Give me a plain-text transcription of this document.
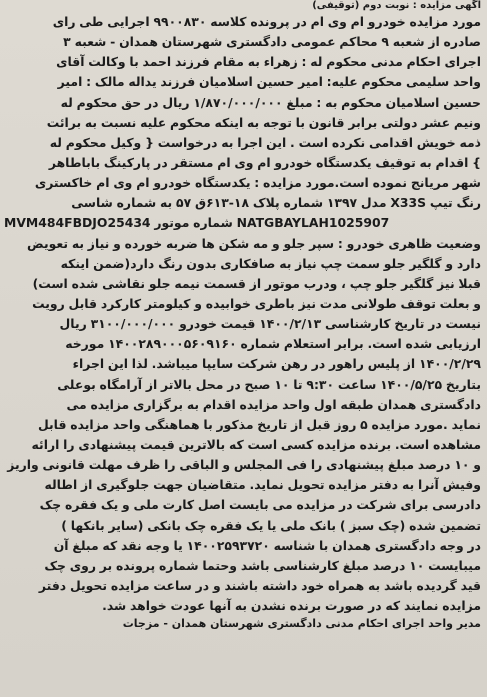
آگهی مزایده : نوبت دوم (توقیفی)
مورد مزایده خودرو ام وی ام در پرونده کلاسه ۹۹۰۰۸۳۰ اجرایی طی رای
صادره از شعبه ۹ محاکم عمومی دادگستری شهرستان همدان - شعبه ۳
اجرای احکام مدنی محکوم له : زهراء به مقام فرزند احمد با وکالت آقای
واحد سلیمی محکوم علیه: امیر حسین اسلامیان فرزند یداله مالک : امیر
حسین اسلامیان محکوم به : مبلغ ۱/۸۷۰/۰۰۰/۰۰۰ ریال در حق محکوم له
ونیم عشر دولتی برابر قانون با توجه به اینکه محکوم علیه نسبت به برائت
ذمه خویش اقدامی نکرده است . این اجرا به درخواست { وکیل محکوم له
} اقدام به توقیف یکدستگاه خودرو ام وی ام مستقر در پارکینگ باباطاهر
شهر مریانج نموده است.مورد مزایده : یکدستگاه خودرو ام وی ام خاکستری
رنگ تیپ X33S مدل ۱۳۹۷ شماره پلاک ۱۸-۶۱۳ق ۵۷ به شماره شاسی
MVM484FBDJO25434 شماره موتور NATGBAYLAH1025907
وضعیت ظاهری خودرو : سپر جلو و مه شکن ها ضربه خورده و نیاز به تعویض
دارد و گلگیر جلو سمت چپ نیاز به صافکاری بدون رنگ دارد(ضمن اینکه
قبلا نیز گلگیر جلو چپ ، ودرب موتور از قسمت نیمه جلو نقاشی شده است)
و بعلت توقف طولانی مدت نیز باطری خوابیده و کیلومتر کارکرد قابل رویت
نیست در تاریخ کارشناسی ۱۴۰۰/۲/۱۳ قیمت خودرو ۳۱۰۰/۰۰۰/۰۰۰ ریال
ارزیابی شده است. برابر استعلام شماره ۱۴۰۰۲۸۹۰۰۰۵۶۰۹۱۶۰ مورخه
۱۴۰۰/۲/۲۹ از پلیس راهور در رهن شرکت سایپا میباشد. لذا این اجراء
بتاریخ ۱۴۰۰/۵/۲۵ ساعت ۹:۳۰ تا ۱۰ صبح در محل بالاتر از آرامگاه بوعلی
دادگستری همدان طبقه اول واحد مزایده اقدام به برگزاری مزایده می
نماید .مورد مزایده ۵ روز قبل از تاریخ مذکور با هماهنگی واحد مزایده قابل
مشاهده است. برنده مزایده کسی است که بالاترین قیمت پیشنهادی را ارائه
و ۱۰ درصد مبلغ پیشنهادی را فی المجلس و الباقی را ظرف مهلت قانونی واریز
وفیش آنرا به دفتر مزایده تحویل نماید. متقاضیان جهت جلوگیری از اطاله
دادرسی برای شرکت در مزایده می بایست اصل کارت ملی و یک فقره چک
تضمین شده (چک سبز ) بانک ملی یا یک فقره چک بانکی (سایر بانکها )
در وجه دادگستری همدان با شناسه ۱۴۰۰۲۵۹۳۷۲۰ یا وجه نقد که مبلغ آن
میبایست ۱۰ درصد مبلغ کارشناسی باشد وحتما شماره پرونده بر روی چک
قید گردیده باشد به همراه خود داشته باشند و در ساعت مزایده تحویل دفتر
مزایده نمایند که در صورت برنده نشدن به آنها عودت خواهد شد.
مدیر واحد اجرای احکام مدنی دادگستری شهرستان همدان - مزجات
